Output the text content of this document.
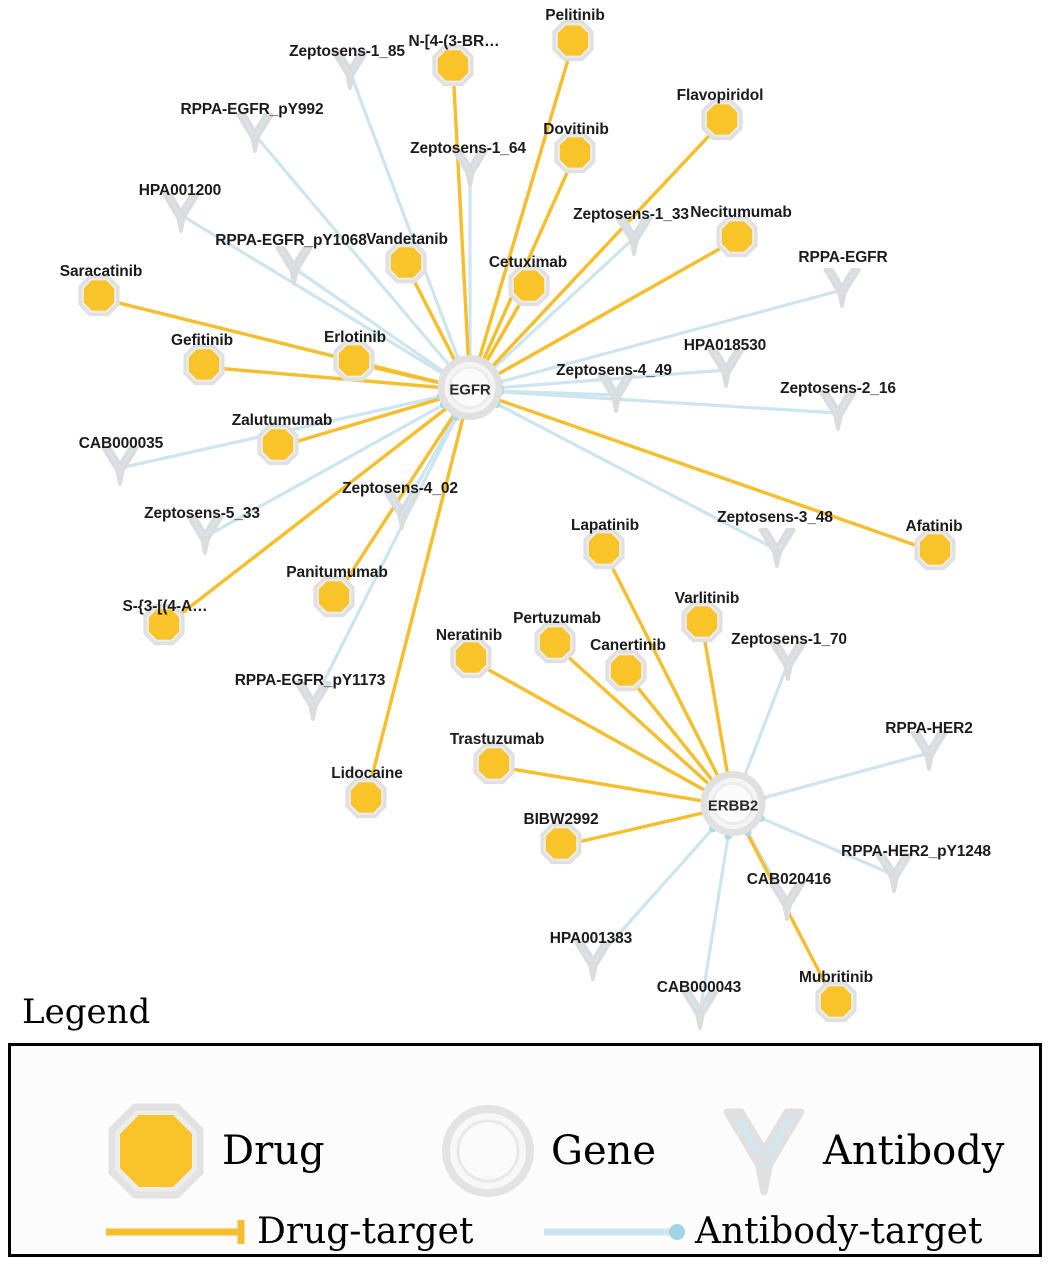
EGFR
ERBB2
Pelitinib
N-[4-(3-BR…
Flavopiridol
Dovitinib
Necitumumab
Vandetanib
Cetuximab
Saracatinib
Erlotinib
Gefitinib
Zalutumumab
Afatinib
Lapatinib
Panitumumab
Varlitinib
S-{3-[(4-A…
Pertuzumab
Neratinib
Canertinib
Trastuzumab
Lidocaine
BIBW2992
Mubritinib
Zeptosens-1_85
RPPA-EGFR_pY992
Zeptosens-1_64
HPA001200
Zeptosens-1_33
RPPA-EGFR_pY1068
RPPA-EGFR
HPA018530
Zeptosens-4_49
Zeptosens-2_16
CAB000035
Zeptosens-4_02
Zeptosens-5_33	Zeptosens-3_48
Zeptosens-1_70
RPPA-EGFR_pY1173
RPPA-HER2
RPPA-HER2_pY1248
CAB020416
HPA001383
CAB000043
Legend
Drug	Gene	Antibody
Drug-target	Antibody-target
